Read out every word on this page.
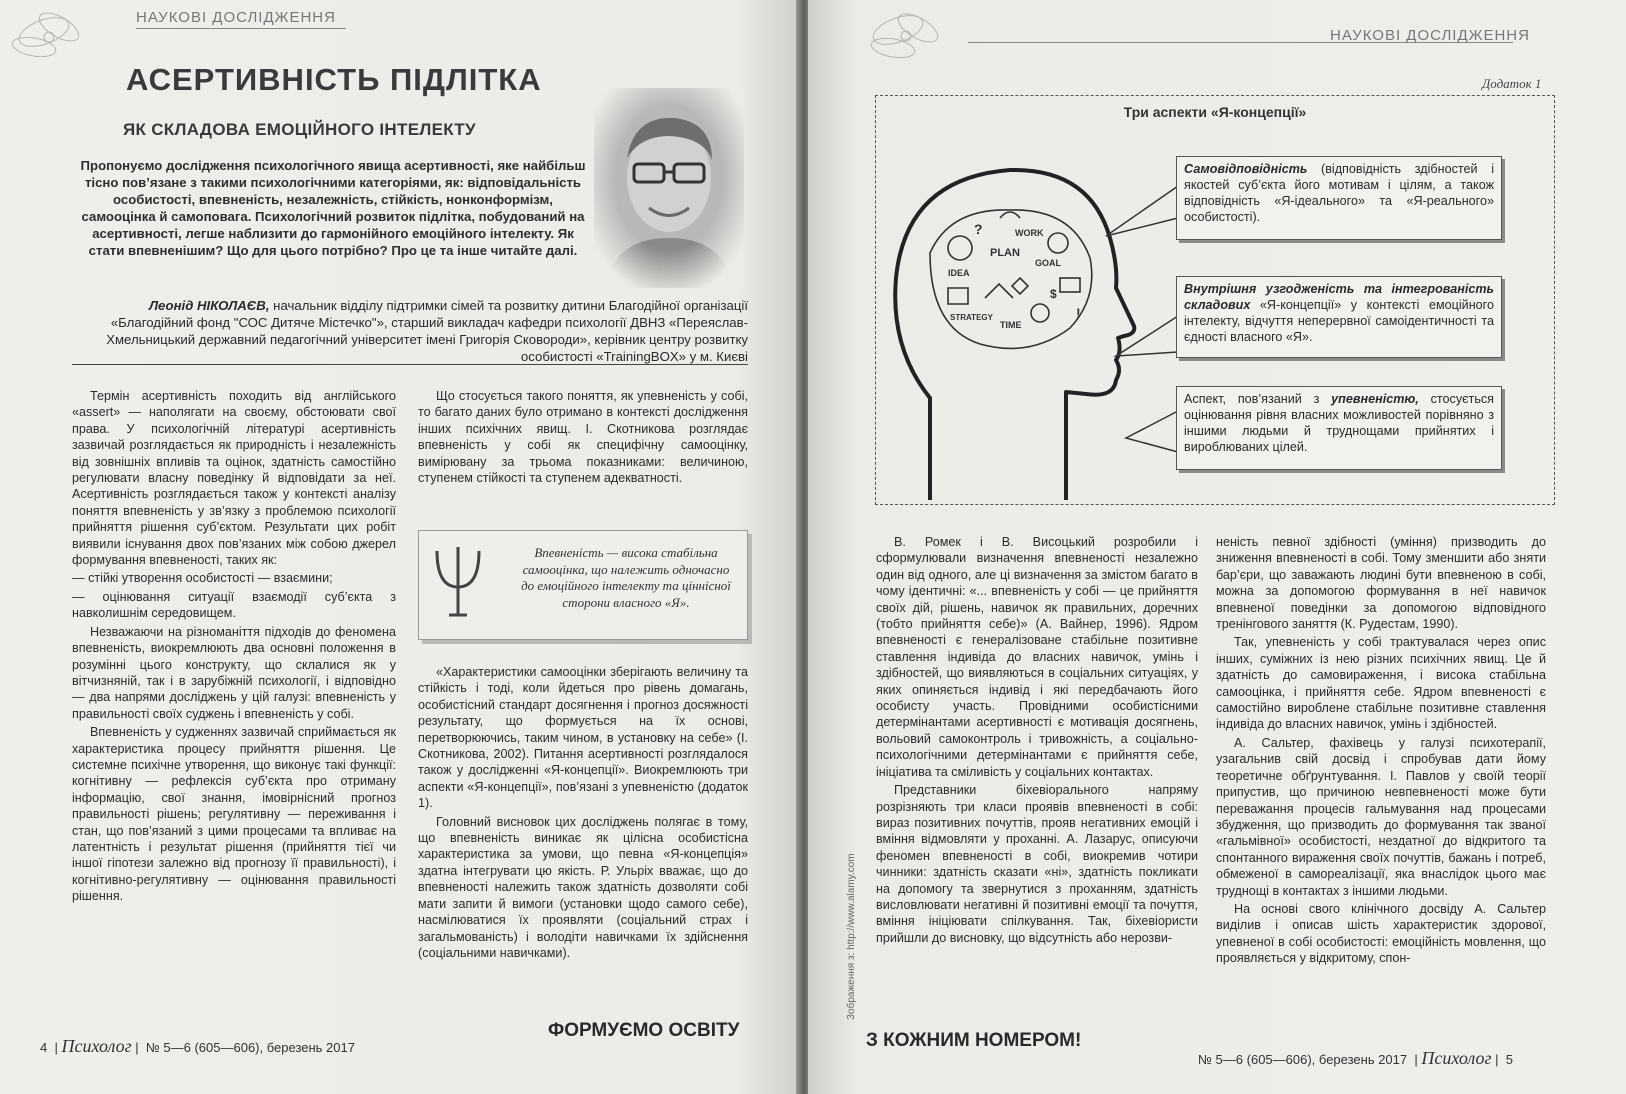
НАУКОВІ ДОСЛІДЖЕННЯ
АСЕРТИВНІСТЬ ПІДЛІТКА
ЯК СКЛАДОВА ЕМОЦІЙНОГО ІНТЕЛЕКТУ
Пропонуємо дослідження психологічного явища асертивності, яке найбільш тісно пов’язане з такими психологічними категоріями, як: відповідальність особистості, впевненість, незалежність, стійкість, нонконформізм, самооцінка й самоповага. Психологічний розвиток підлітка, побудований на асертивності, легше наблизити до гармонійного емоційного інтелекту. Як стати впевненішим? Що для цього потрібно? Про це та інше читайте далі.
Леонід НІКОЛАЄВ, начальник відділу підтримки сімей та розвитку дитини Благодійної організації «Благодійний фонд "СОС Дитяче Містечко"», старший викладач кафедри психології ДВНЗ «Переяслав-Хмельницький державний педагогічний університет імені Григорія Сковороди», керівник центру розвитку особистості «TrainingBOX» у м. Києві

Термін асертивність походить від англійського «assert» — наполягати на своєму, обстоювати свої права. У психологічній літературі асертивність зазвичай розглядається як природність і незалежність від зовнішніх впливів та оцінок, здатність самостійно регулювати власну поведінку й відповідати за неї. Асертивність розглядається також у контексті аналізу поняття впевненість у зв’язку з проблемою психології прийняття рішення суб’єктом. Результати цих робіт виявили існування двох пов’язаних між собою джерел формування впевненості, таких як:

— стійкі утворення особистості — взаємини;

— оцінювання ситуації взаємодії суб’єкта з навколишнім середовищем.

Незважаючи на різноманіття підходів до феномена впевненість, виокремлюють два основні положення в розумінні цього конструкту, що склалися як у вітчизняній, так і в зарубіжній психології, і відповідно — два напрями досліджень у цій галузі: впевненість у правильності своїх суджень і впевненість у собі.

Впевненість у судженнях зазвичай сприймається як характеристика процесу прийняття рішення. Це системне психічне утворення, що виконує такі функції: когнітивну — рефлексія суб’єкта про отриману інформацію, свої знання, імовірнісний прогноз правильності рішень; регулятивну — переживання і стан, що пов’язаний з цими процесами та впливає на латентність і результат рішення (прийняття тієї чи іншої гіпотези залежно від прогнозу її правильності), і когнітивно-регулятивну — оцінювання правильності рішення.

Що стосується такого поняття, як упевненість у собі, то багато даних було отримано в контексті дослідження інших психічних явищ. І. Скотникова розглядає впевненість у собі як специфічну самооцінку, вимірювану за трьома показниками: величиною, ступенем стійкості та ступенем адекватності.

Впевненість — висока стабільна самооцінка, що належить одночасно до емоційного інтелекту та ціннісної сторони власного «Я».

«Характеристики самооцінки зберігають величину та стійкість і тоді, коли йдеться про рівень домагань, особистісний стандарт досягнення і прогноз досяжності результату, що формується на їх основі, перетворюючись, таким чином, в установку на себе» (І. Скотникова, 2002). Питання асертивності розглядалося також у дослідженні «Я-концепції». Виокремлюють три аспекти «Я-концепції», пов’язані з упевненістю (додаток 1).

Головний висновок цих досліджень полягає в тому, що впевненість виникає як цілісна особистісна характеристика за умови, що певна «Я-концепція» здатна інтегрувати цю якість. Р. Ульріх вважає, що до впевненості належить також здатність дозволяти собі мати запити й вимоги (установки щодо самого себе), насмілюватися їх проявляти (соціальний страх і загальмованість) і володіти навичками їх здійснення (соціальними навичками).

4  | Психолог |  № 5—6 (605—606), березень 2017
ФОРМУЄМО ОСВІТУ
НАУКОВІ ДОСЛІДЖЕННЯ
Додаток 1
Три аспекти «Я-концепції»
PLAN
GOAL
IDEA
TIME
STRATEGY
WORK
?
!
$
Самовідповідність (відповідність здібностей і якостей суб’єкта його мотивам і цілям, а також відповідність «Я-ідеального» та «Я-реального» особистості).
Внутрішня узгодженість та інтегрованість складових «Я-концепції» у контексті емоційного інтелекту, відчуття неперервної самоідентичності та єдності власного «Я».
Аспект, пов’язаний з упевненістю, стосується оцінювання рівня власних можливостей порівняно з іншими людьми й труднощами прийнятих і вироблюваних цілей.
Зображення з: http://www.alamy.com

В. Ромек і В. Висоцький розробили і сформулювали визначення впевненості незалежно один від одного, але ці визначення за змістом багато в чому ідентичні: «... впевненість у собі — це прийняття своїх дій, рішень, навичок як правильних, доречних (тобто прийняття себе)» (А. Вайнер, 1996). Ядром впевненості є генералізоване стабільне позитивне ставлення індивіда до власних навичок, умінь і здібностей, що виявляються в соціальних ситуаціях, у яких опиняється індивід і які передбачають його особисту участь. Провідними особистісними детермінантами асертивності є мотивація досягнень, вольовий самоконтроль і тривожність, а соціально-психологічними детермінантами є прийняття себе, ініціатива та сміливість у соціальних контактах.

Представники біхевіорального напряму розрізняють три класи проявів впевненості в собі: вираз позитивних почуттів, прояв негативних емоцій і вміння відмовляти у проханні. А. Лазарус, описуючи феномен впевненості в собі, виокремив чотири чинники: здатність сказати «ні», здатність покликати на допомогу та звернутися з проханням, здатність висловлювати негативні й позитивні емоції та почуття, вміння ініціювати спілкування. Так, біхевіористи прийшли до висновку, що відсутність або нерозви-

неність певної здібності (уміння) призводить до зниження впевненості в собі. Тому зменшити або зняти бар’єри, що заважають людині бути впевненою в собі, можна за допомогою формування в неї навичок впевненої поведінки за допомогою відповідного тренінгового заняття (К. Рудестам, 1990).

Так, упевненість у собі трактувалася через опис інших, суміжних із нею різних психічних явищ. Це й здатність до самовираження, і висока стабільна самооцінка, і прийняття себе. Ядром впевненості є самостійно вироблене стабільне позитивне ставлення індивіда до власних навичок, умінь і здібностей.

А. Сальтер, фахівець у галузі психотерапії, узагальнив свій досвід і спробував дати йому теоретичне обґрунтування. І. Павлов у своїй теорії припустив, що причиною невпевненості може бути переважання процесів гальмування над процесами збудження, що призводить до формування так званої «гальмівної» особистості, нездатної до відкритого та спонтанного вираження своїх почуттів, бажань і потреб, обмеженої в самореалізації, яка внаслідок цього має труднощі в контактах з іншими людьми.

На основі свого клінічного досвіду А. Сальтер виділив і описав шість характеристик здорової, упевненої в собі особистості: емоційність мовлення, що проявляється у відкритому, спон-

З КОЖНИМ НОМЕРОМ!
№ 5—6 (605—606), березень 2017  | Психолог |  5
